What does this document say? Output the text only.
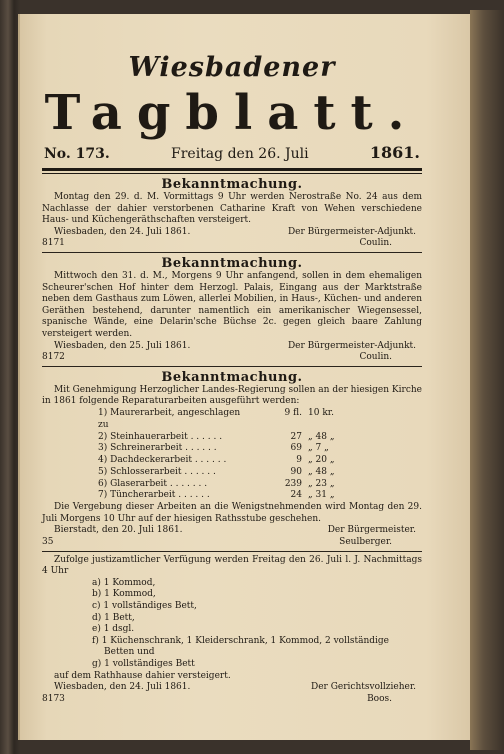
Wiesbadener
Tagblatt.
No. 173.	Freitag den 26. Juli	1861.
Bekanntmachung.
Montag den 29. d. M. Vormittags 9 Uhr werden Nerostraße No. 24 aus dem Nachlasse der dahier verstorbenen Catharine Kraft von Wehen verschiedene Haus- und Küchengeräthschaften versteigert.
Wiesbaden, den 24. Juli 1861.	Der Bürgermeister-Adjunkt.
8171	Coulin.
Bekanntmachung.
Mittwoch den 31. d. M., Morgens 9 Uhr anfangend, sollen in dem ehemaligen Scheurer'schen Hof hinter dem Herzogl. Palais, Eingang aus der Marktstraße neben dem Gasthaus zum Löwen, allerlei Mobilien, in Haus-, Küchen- und anderen Geräthen bestehend, darunter namentlich ein amerikanischer Wiegensessel, spanische Wände, eine Delarin'sche Büchse 2c. gegen gleich baare Zahlung versteigert werden.
Wiesbaden, den 25. Juli 1861.	Der Bürgermeister-Adjunkt.
8172	Coulin.
Bekanntmachung.
Mit Genehmigung Herzoglicher Landes-Regierung sollen an der hiesigen Kirche in 1861 folgende Reparaturarbeiten ausgeführt werden:
1) Maurerarbeit, angeschlagen zu
9 fl. 10 kr.
2) Steinhauerarbeit . . . . . .	27 „ 48 „
3) Schreinerarbeit . . . . . .	69 „ 7 „
4) Dachdeckerarbeit . . . . . .	9 „ 20 „
5) Schlosserarbeit . . . . . .	90 „ 48 „
6) Glaserarbeit . . . . . . .	239 „ 23 „
7) Tüncherarbeit . . . . . .	24 „ 31 „
Die Vergebung dieser Arbeiten an die Wenigstnehmenden wird Montag den 29. Juli Morgens 10 Uhr auf der hiesigen Rathsstube geschehen.
Bierstadt, den 20. Juli 1861.	Der Bürgermeister.
35	Seulberger.
Zufolge justizamtlicher Verfügung werden Freitag den 26. Juli l. J. Nachmittags 4 Uhr
a) 1 Kommod,
b) 1 Kommod,
c) 1 vollständiges Bett,
d) 1 Bett,
e) 1 dsgl.
f) 1 Küchenschrank, 1 Kleiderschrank, 1 Kommod, 2 vollständige
Betten und
g) 1 vollständiges Bett
auf dem Rathhause dahier versteigert.
Wiesbaden, den 24. Juli 1861.	Der Gerichtsvollzieher.
8173	Boos.
